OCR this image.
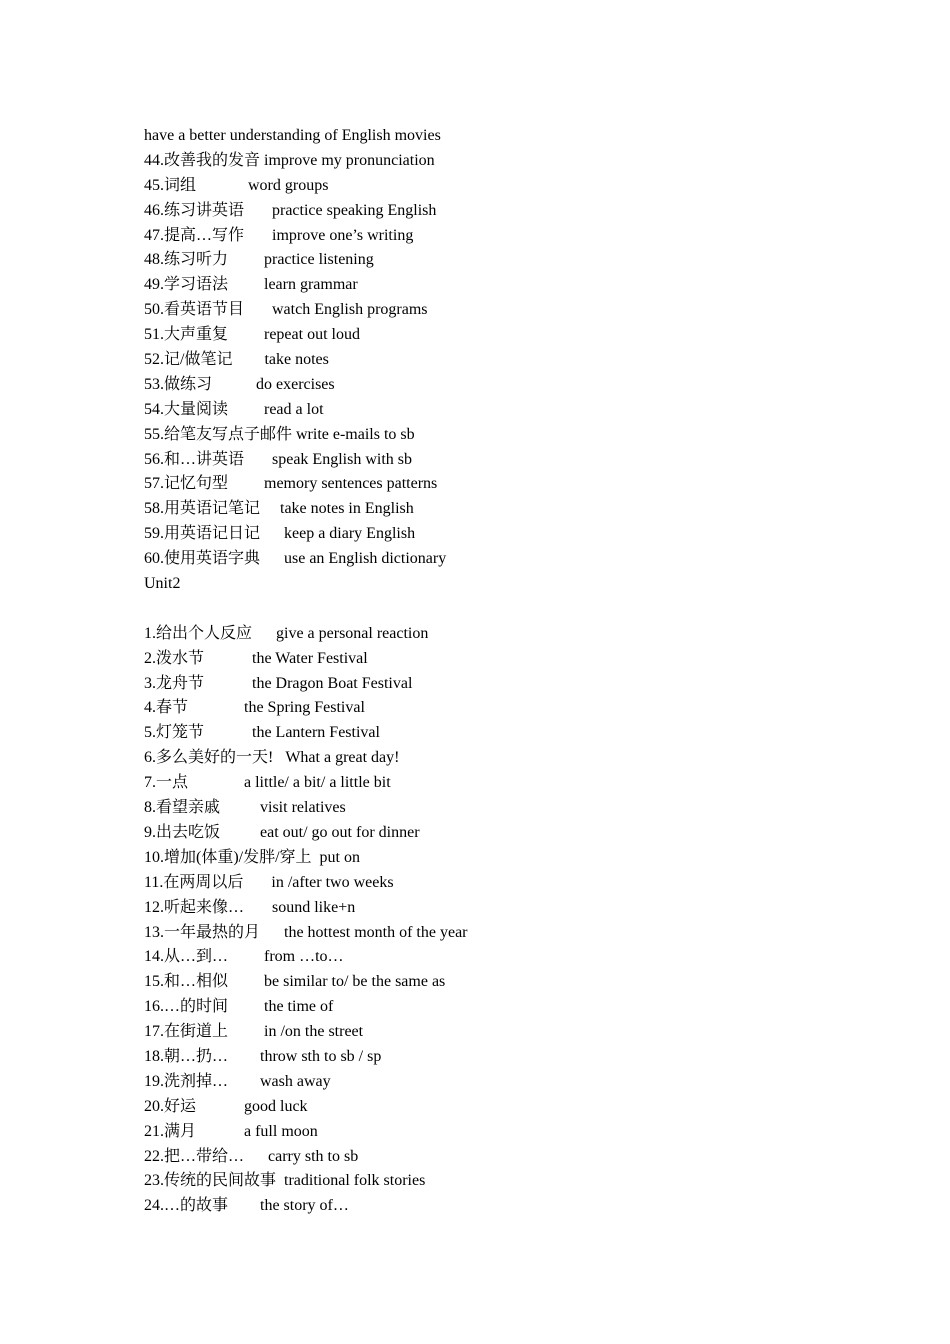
have a better understanding of English movies
44.改善我的发音 improve my pronunciation
45.词组             word groups
46.练习讲英语       practice speaking English
47.提高…写作       improve one’s writing
48.练习听力         practice listening
49.学习语法         learn grammar
50.看英语节目       watch English programs
51.大声重复         repeat out loud
52.记/做笔记        take notes
53.做练习           do exercises
54.大量阅读         read a lot
55.给笔友写点子邮件 write e-mails to sb
56.和…讲英语       speak English with sb
57.记忆句型         memory sentences patterns
58.用英语记笔记     take notes in English
59.用英语记日记      keep a diary English
60.使用英语字典      use an English dictionary
Unit2
1.给出个人反应      give a personal reaction
2.泼水节            the Water Festival
3.龙舟节            the Dragon Boat Festival
4.春节              the Spring Festival
5.灯笼节            the Lantern Festival
6.多么美好的一天!   What a great day!
7.一点              a little/ a bit/ a little bit
8.看望亲戚          visit relatives
9.出去吃饭          eat out/ go out for dinner
10.增加(体重)/发胖/穿上  put on
11.在两周以后       in /after two weeks
12.听起来像…       sound like+n
13.一年最热的月      the hottest month of the year
14.从…到…         from …to…
15.和…相似         be similar to/ be the same as
16.…的时间         the time of
17.在街道上         in /on the street
18.朝…扔…        throw sth to sb / sp
19.洗剂掉…        wash away
20.好运            good luck
21.满月            a full moon
22.把…带给…      carry sth to sb
23.传统的民间故事  traditional folk stories
24.…的故事        the story of…
